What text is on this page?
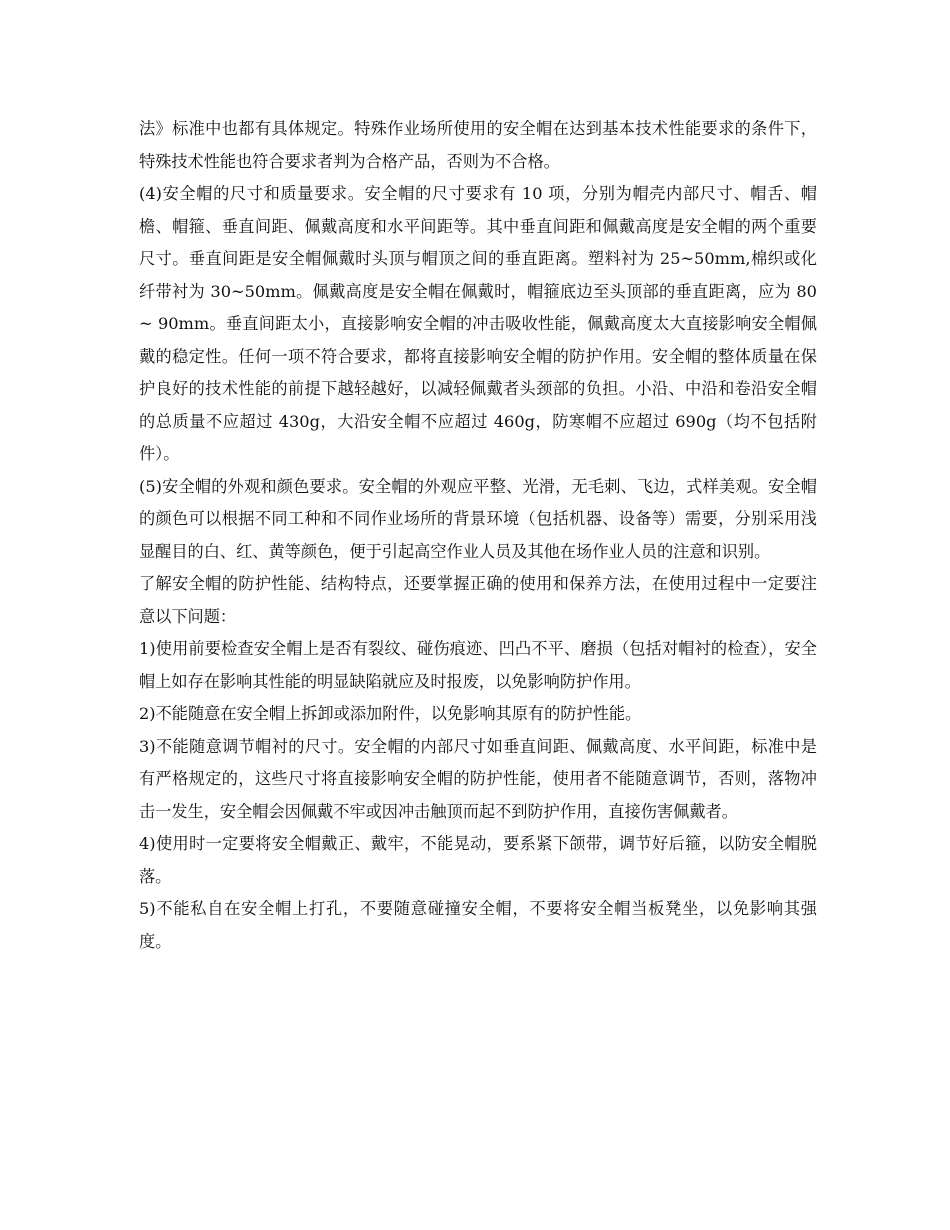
法》标准中也都有具体规定。特殊作业场所使用的安全帽在达到基本技术性能要求的条件下，特殊技术性能也符合要求者判为合格产品，否则为不合格。

(4)安全帽的尺寸和质量要求。安全帽的尺寸要求有 10 项，分别为帽壳内部尺寸、帽舌、帽檐、帽箍、垂直间距、佩戴高度和水平间距等。其中垂直间距和佩戴高度是安全帽的两个重要尺寸。垂直间距是安全帽佩戴时头顶与帽顶之间的垂直距离。塑料衬为 25~50mm,棉织或化纤带衬为 30~50mm。佩戴高度是安全帽在佩戴时，帽箍底边至头顶部的垂直距离，应为 80~ 90mm。垂直间距太小，直接影响安全帽的冲击吸收性能，佩戴高度太大直接影响安全帽佩戴的稳定性。任何一项不符合要求，都将直接影响安全帽的防护作用。安全帽的整体质量在保护良好的技术性能的前提下越轻越好，以减轻佩戴者头颈部的负担。小沿、中沿和卷沿安全帽的总质量不应超过 430g，大沿安全帽不应超过 460g，防寒帽不应超过 690g（均不包括附件）。

(5)安全帽的外观和颜色要求。安全帽的外观应平整、光滑，无毛刺、飞边，式样美观。安全帽的颜色可以根据不同工种和不同作业场所的背景环境（包括机器、设备等）需要，分别采用浅显醒目的白、红、黄等颜色，便于引起高空作业人员及其他在场作业人员的注意和识别。

了解安全帽的防护性能、结构特点，还要掌握正确的使用和保养方法，在使用过程中一定要注意以下问题：

1)使用前要检查安全帽上是否有裂纹、碰伤痕迹、凹凸不平、磨损（包括对帽衬的检查），安全帽上如存在影响其性能的明显缺陷就应及时报废，以免影响防护作用。

2)不能随意在安全帽上拆卸或添加附件，以免影响其原有的防护性能。

3)不能随意调节帽衬的尺寸。安全帽的内部尺寸如垂直间距、佩戴高度、水平间距，标准中是有严格规定的，这些尺寸将直接影响安全帽的防护性能，使用者不能随意调节，否则，落物冲击一发生，安全帽会因佩戴不牢或因冲击触顶而起不到防护作用，直接伤害佩戴者。

4)使用时一定要将安全帽戴正、戴牢，不能晃动，要系紧下颌带，调节好后箍，以防安全帽脱落。

5)不能私自在安全帽上打孔，不要随意碰撞安全帽，不要将安全帽当板凳坐，以免影响其强度。
